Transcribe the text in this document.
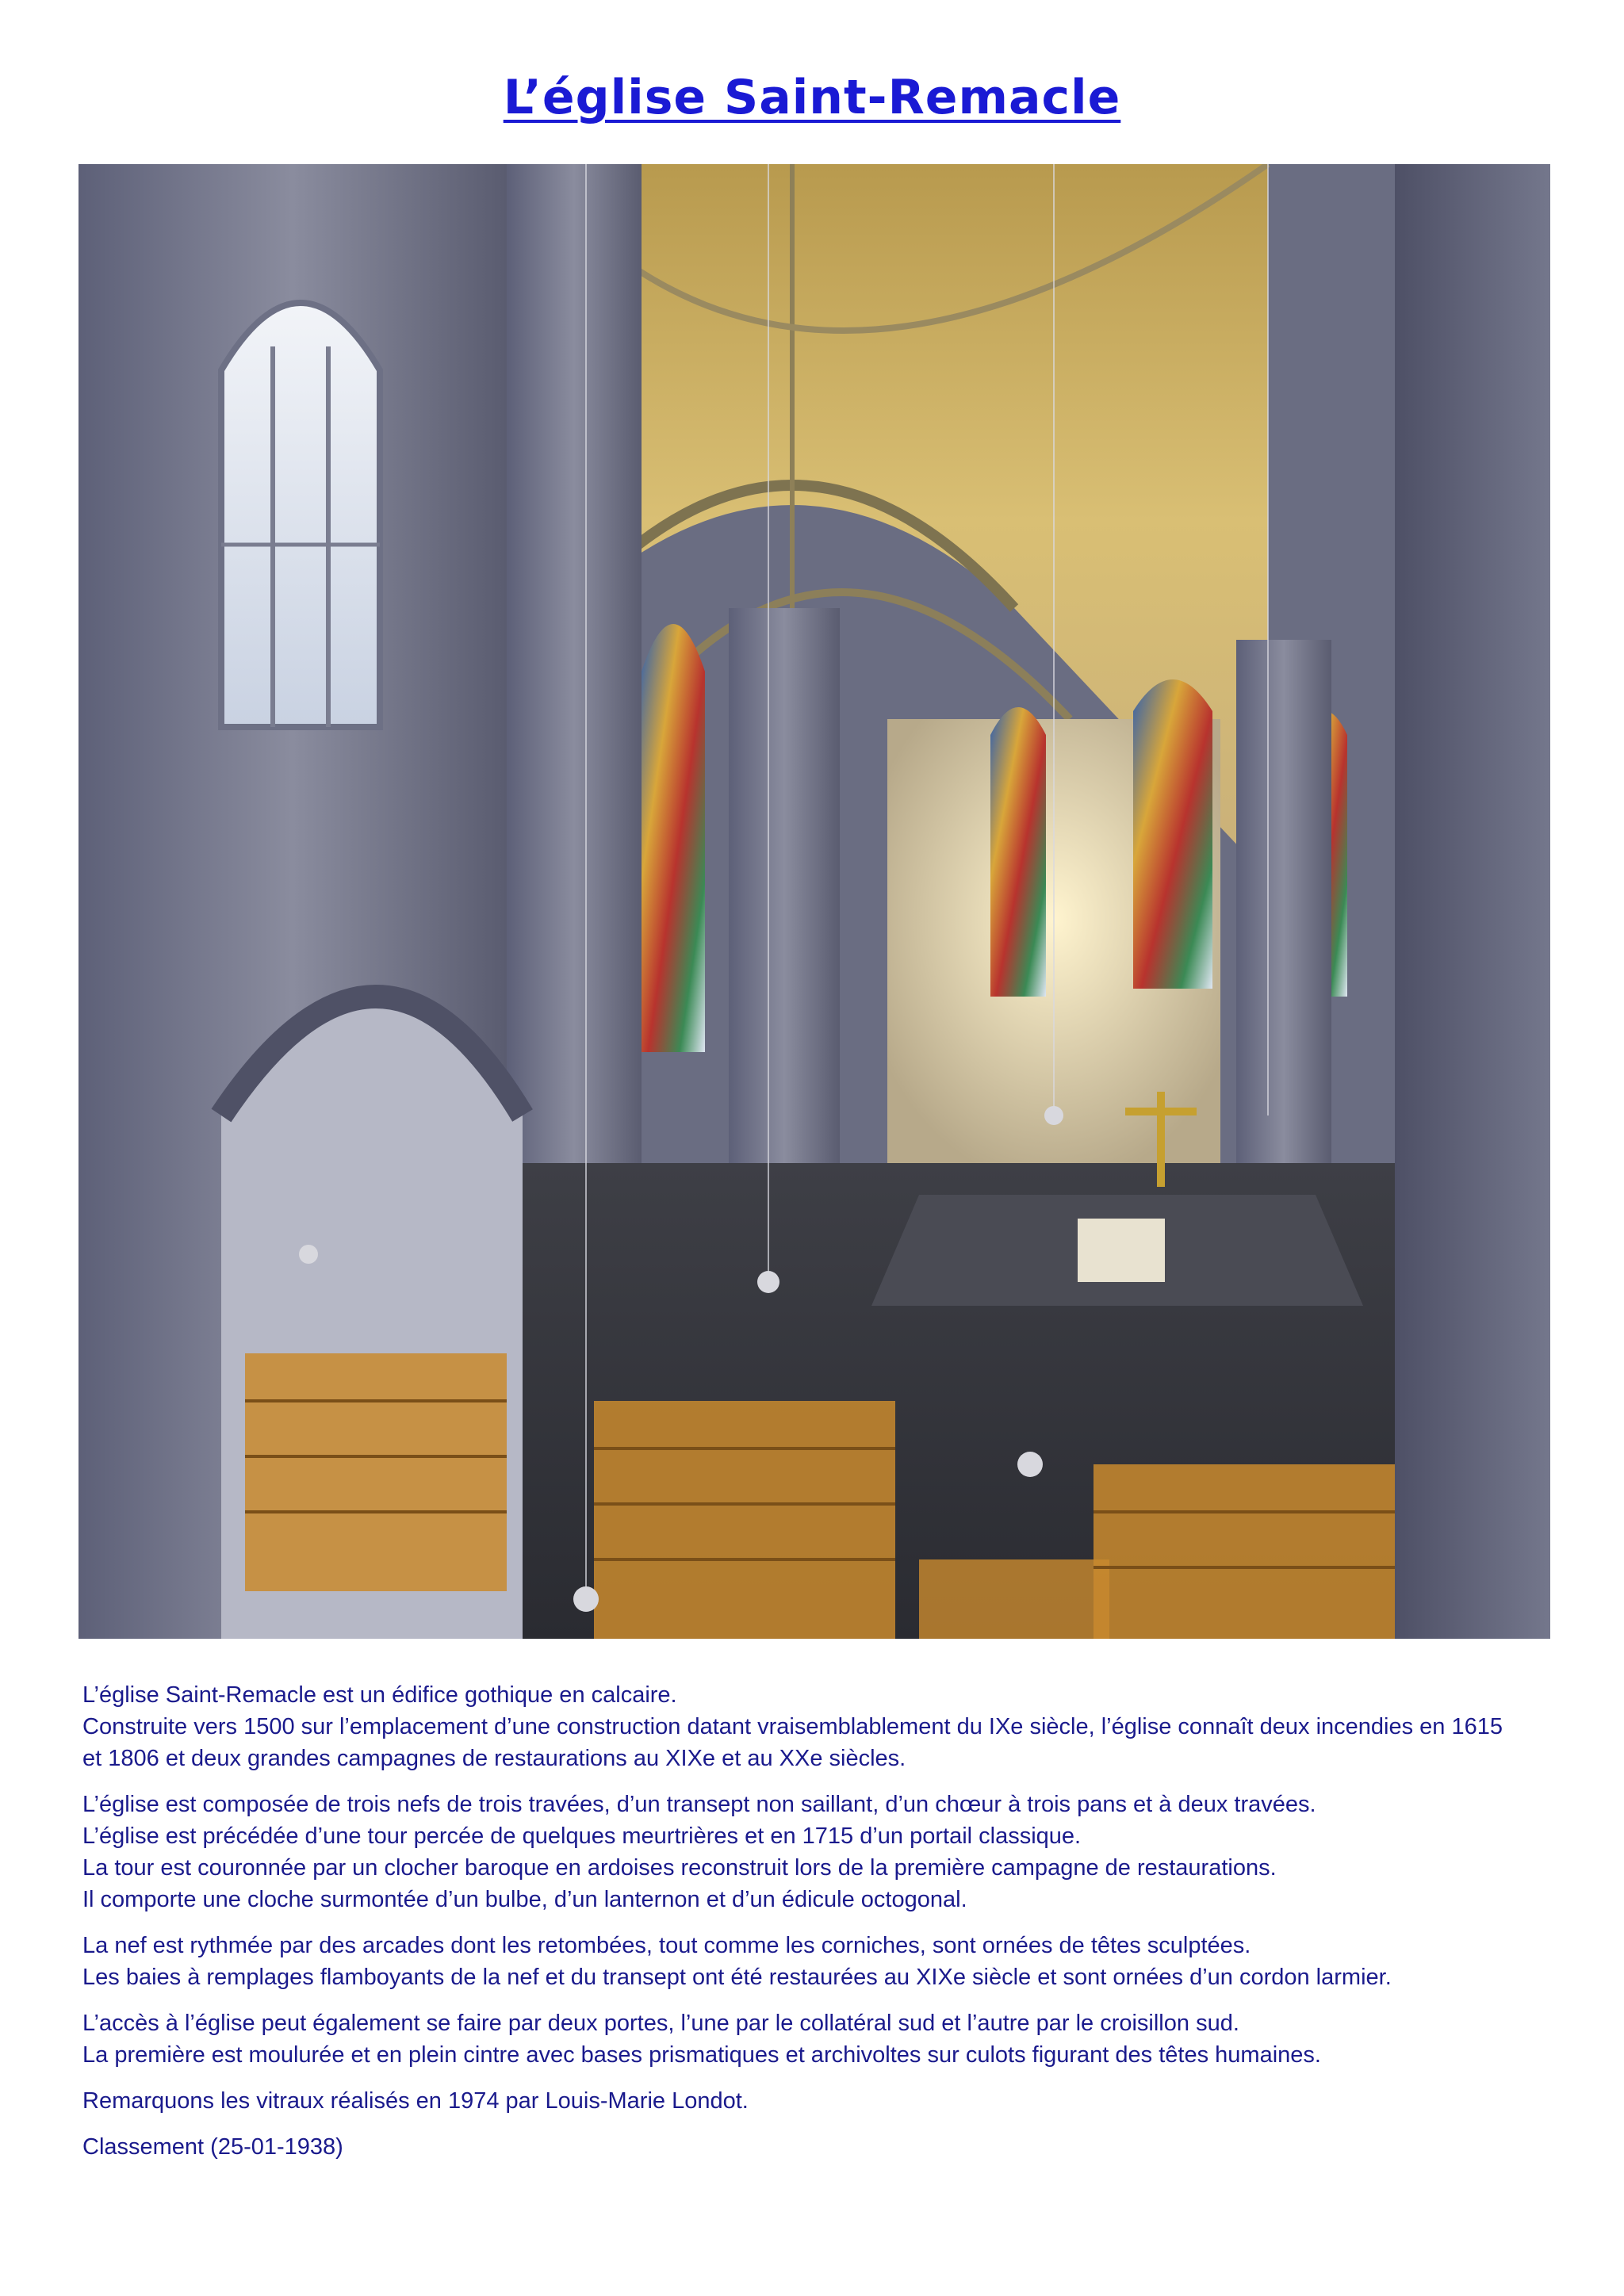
L’église Saint-Remacle

L’église Saint-Remacle est un édifice gothique en calcaire.
Construite vers 1500 sur l’emplacement d’une construction datant vraisemblablement du IXe siècle, l’église connaît deux incendies en 1615
et 1806 et deux grandes campagnes de restaurations au XIXe et au XXe siècles.

L’église est composée de trois nefs de trois travées, d’un transept non saillant, d’un chœur à trois pans et à deux travées.
L’église est précédée d’une tour percée de quelques meurtrières et en 1715 d’un portail classique.
La tour est couronnée par un clocher baroque en ardoises reconstruit lors de la première campagne de restaurations.
Il comporte une cloche surmontée d’un bulbe, d’un lanternon et d’un édicule octogonal.

La nef est rythmée par des arcades dont les retombées, tout comme les corniches, sont ornées de têtes sculptées.
Les baies à remplages flamboyants de la nef et du transept ont été restaurées au XIXe siècle et sont ornées d’un cordon larmier.

L’accès à l’église peut également se faire par deux portes, l’une par le collatéral sud et l’autre par le croisillon sud.
La première est moulurée et en plein cintre avec bases prismatiques et archivoltes sur culots figurant des têtes humaines.

Remarquons les vitraux réalisés en 1974 par Louis-Marie Londot.

Classement (25-01-1938)
